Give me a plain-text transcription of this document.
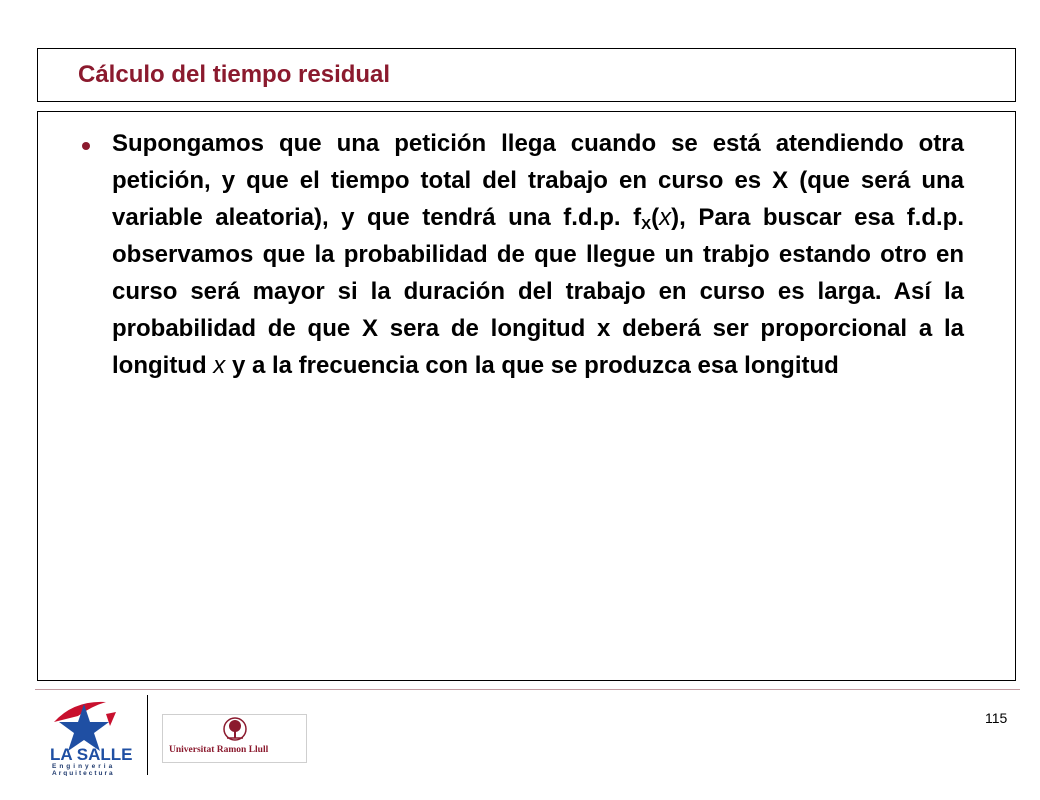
Cálculo del tiempo residual

Supongamos que una petición llega cuando se está atendiendo otra petición, y que el tiempo total del trabajo en curso es X (que será una variable aleatoria), y que tendrá una f.d.p. $f_X(x)$, Para buscar esa f.d.p. observamos que la probabilidad de que llegue un trabjo estando otro en curso será mayor si la duración del trabajo en curso es larga. Así la probabilidad de que X sera de longitud x deberá ser proporcional a la longitud x y a la frecuencia con la que se produzca esa longitud

LA SALLE
Enginyeria
Arquitectura
Universitat Ramon Llull
115
